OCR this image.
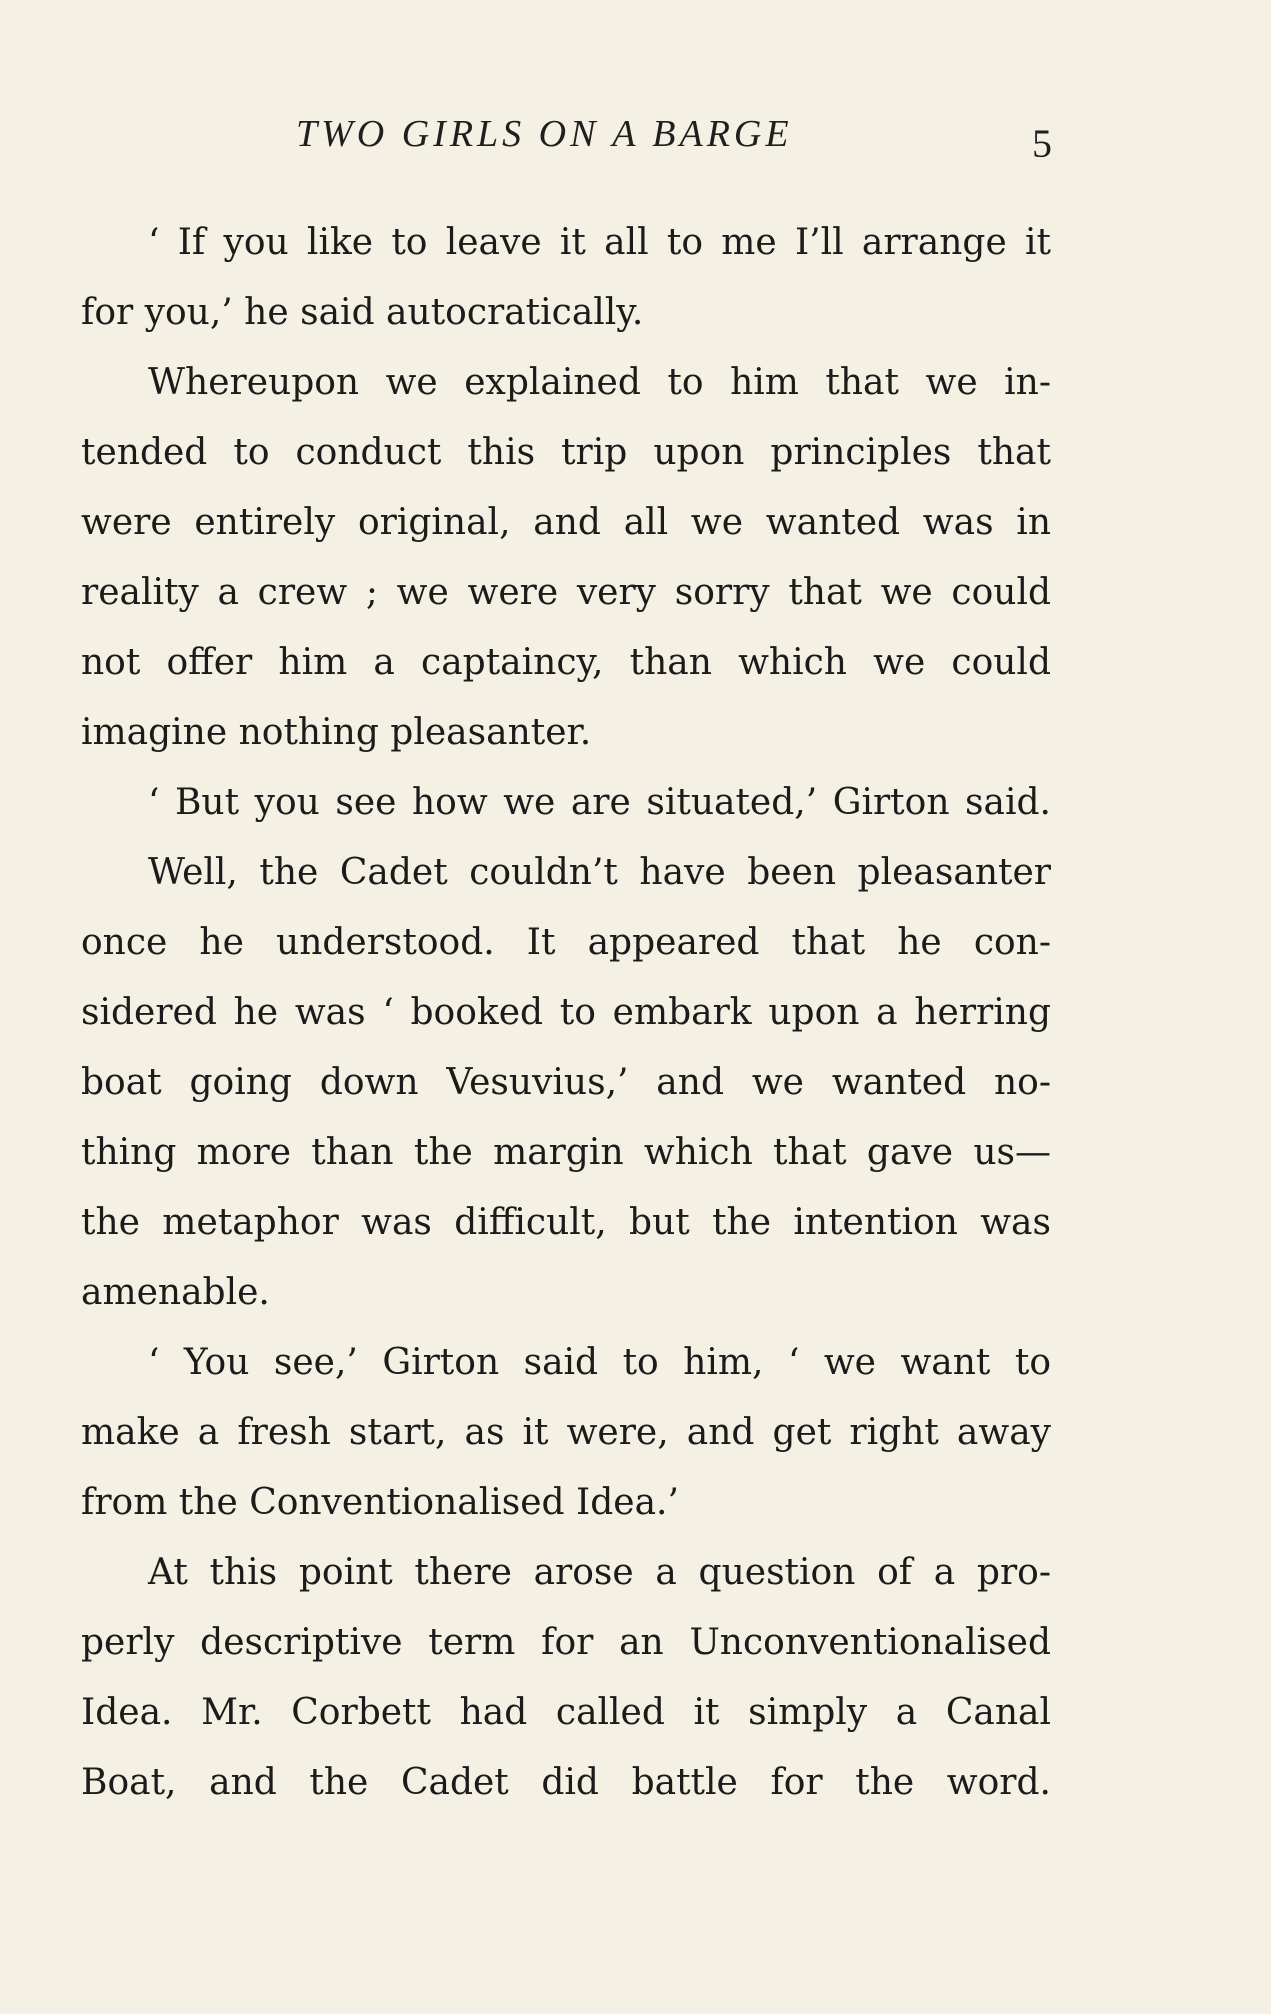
TWO GIRLS ON A BARGE	5
‘ If you like to leave it all to me I’ll arrange it
for you,’ he said autocratically.
Whereupon we explained to him that we in-
tended to conduct this trip upon principles that
were entirely original, and all we wanted was in
reality a crew ; we were very sorry that we could
not offer him a captaincy, than which we could
imagine nothing pleasanter.
‘ But you see how we are situated,’ Girton said.
Well, the Cadet couldn’t have been pleasanter
once he understood. It appeared that he con-
sidered he was ‘ booked to embark upon a herring
boat going down Vesuvius,’ and we wanted no-
thing more than the margin which that gave us—
the metaphor was difficult, but the intention was
amenable.
‘ You see,’ Girton said to him, ‘ we want to
make a fresh start, as it were, and get right away
from the Conventionalised Idea.’
At this point there arose a question of a pro-
perly descriptive term for an Unconventionalised
Idea. Mr. Corbett had called it simply a Canal
Boat, and the Cadet did battle for the word.
